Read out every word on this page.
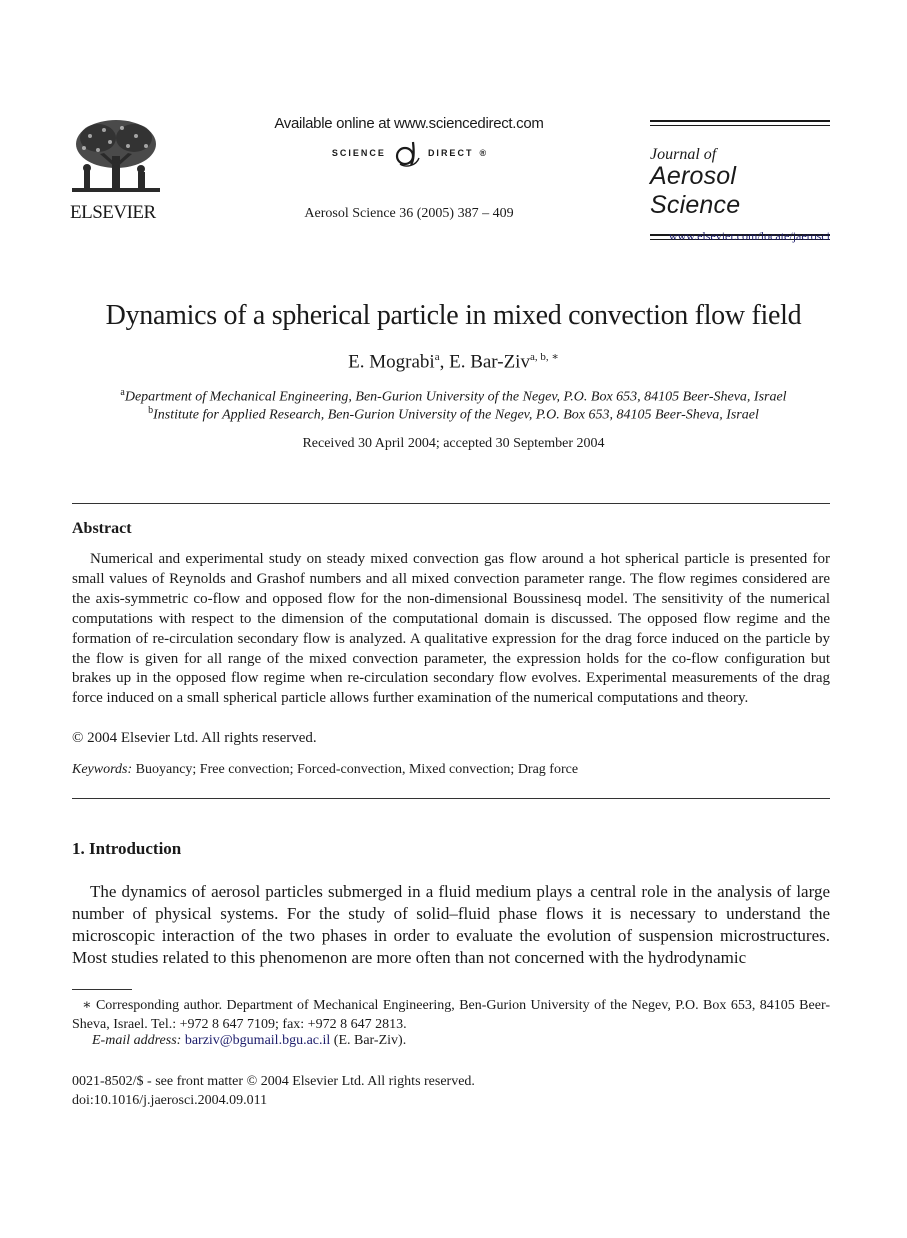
ELSEVIER
Available online at www.sciencedirect.com
SCIENCE	DIRECT ®
Aerosol Science 36 (2005) 387 – 409
Journal of
Aerosol Science
www.elsevier.com/locate/jaerosci
Dynamics of a spherical particle in mixed convection flow field
E. Mograbi$^a$, E. Bar-Ziv$^{a, b, ∗}$
$^a$Department of Mechanical Engineering, Ben-Gurion University of the Negev, P.O. Box 653, 84105 Beer-Sheva, Israel
$^b$Institute for Applied Research, Ben-Gurion University of the Negev, P.O. Box 653, 84105 Beer-Sheva, Israel
Received 30 April 2004; accepted 30 September 2004
Abstract
Numerical and experimental study on steady mixed convection gas flow around a hot spherical particle is presented for small values of Reynolds and Grashof numbers and all mixed convection parameter range. The flow regimes considered are the axis-symmetric co-flow and opposed flow for the non-dimensional Boussinesq model. The sensitivity of the numerical computations with respect to the dimension of the computational domain is discussed. The opposed flow regime and the formation of re-circulation secondary flow is analyzed. A qualitative expression for the drag force induced on the particle by the flow is given for all range of the mixed convection parameter, the expression holds for the co-flow configuration but brakes up in the opposed flow regime when re-circulation secondary flow evolves. Experimental measurements of the drag force induced on a small spherical particle allows further examination of the numerical computations and theory.
© 2004 Elsevier Ltd. All rights reserved.
Keywords: Buoyancy; Free convection; Forced-convection, Mixed convection; Drag force
1. Introduction
The dynamics of aerosol particles submerged in a fluid medium plays a central role in the analysis of large number of physical systems. For the study of solid–fluid phase flows it is necessary to understand the microscopic interaction of the two phases in order to evaluate the evolution of suspension microstructures. Most studies related to this phenomenon are more often than not concerned with the hydrodynamic
∗ Corresponding author. Department of Mechanical Engineering, Ben-Gurion University of the Negev, P.O. Box 653, 84105 Beer-Sheva, Israel. Tel.: +972 8 647 7109; fax: +972 8 647 2813.
E-mail address: barziv@bgumail.bgu.ac.il (E. Bar-Ziv).
0021-8502/$ - see front matter © 2004 Elsevier Ltd. All rights reserved.
doi:10.1016/j.jaerosci.2004.09.011
